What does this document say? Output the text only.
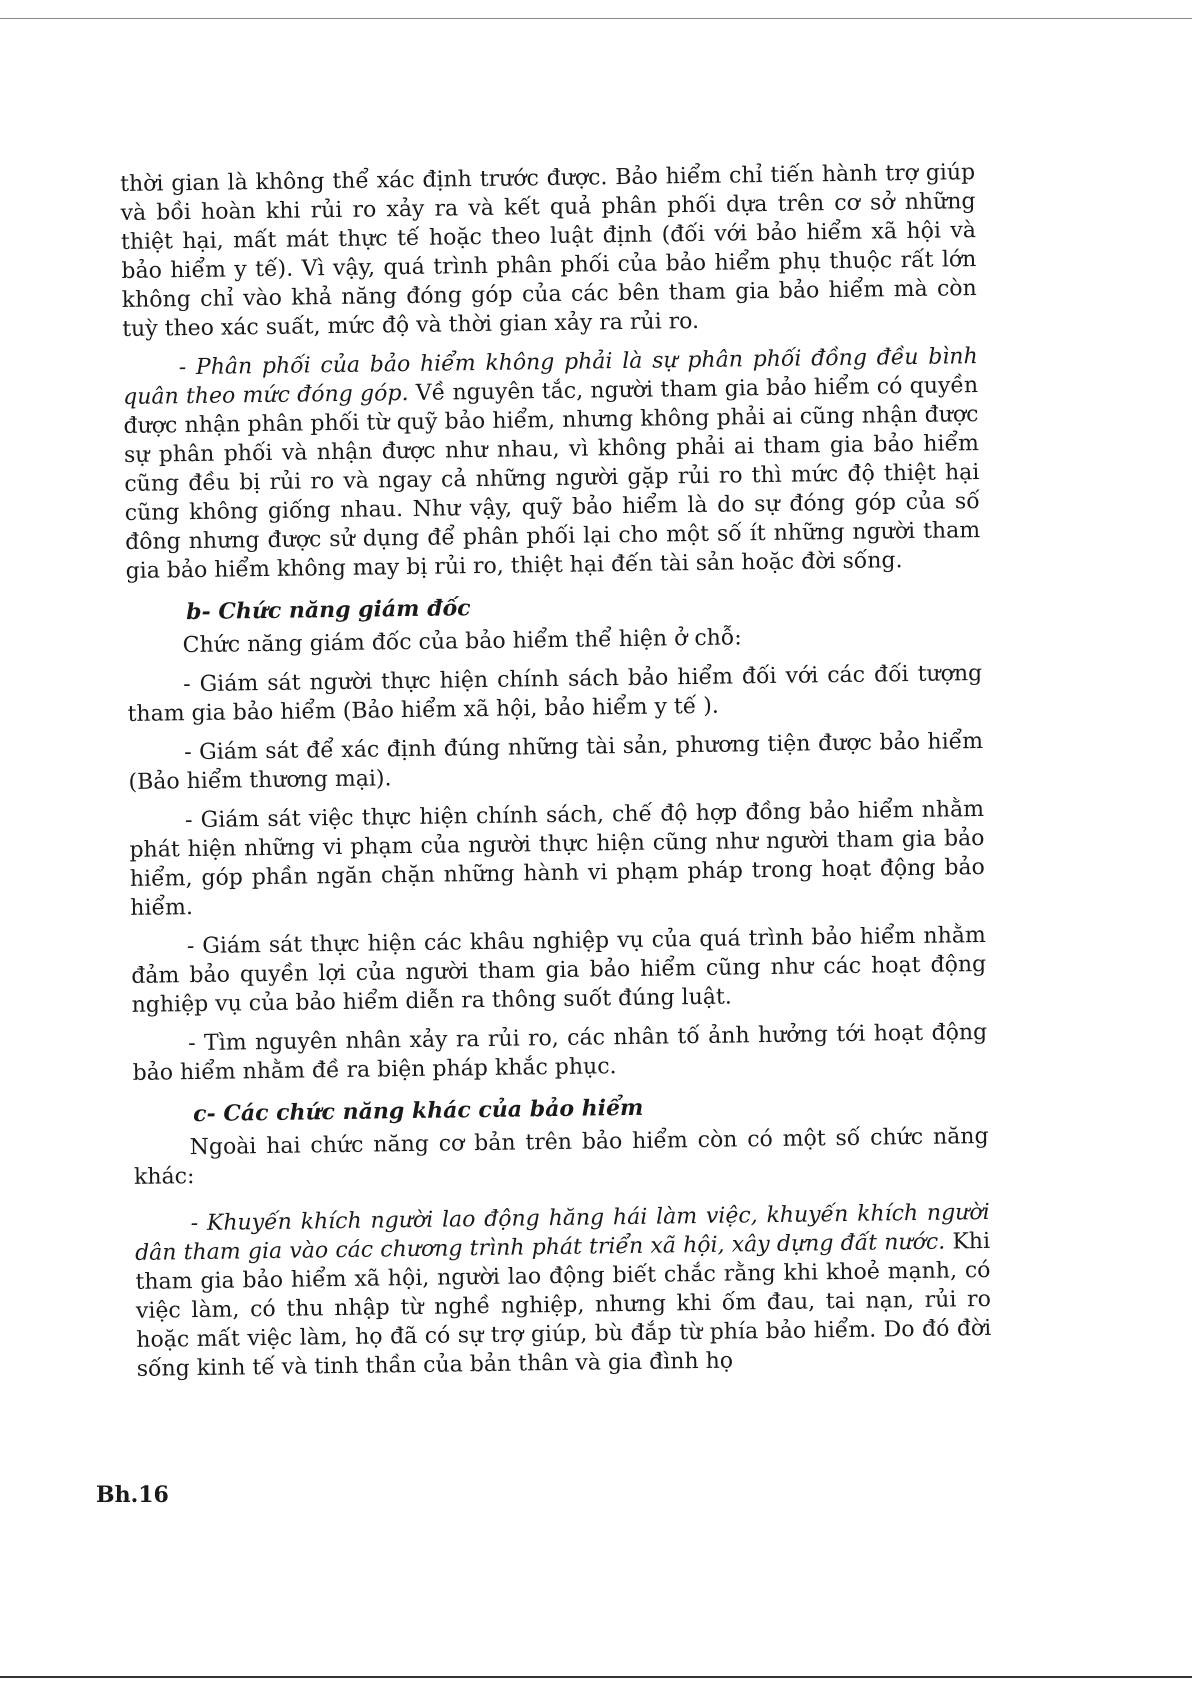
thời gian là không thể xác định trước được. Bảo hiểm chỉ tiến hành trợ giúp và bồi hoàn khi rủi ro xảy ra và kết quả phân phối dựa trên cơ sở những thiệt hại, mất mát thực tế hoặc theo luật định (đối với bảo hiểm xã hội và bảo hiểm y tế). Vì vậy, quá trình phân phối của bảo hiểm phụ thuộc rất lớn không chỉ vào khả năng đóng góp của các bên tham gia bảo hiểm mà còn tuỳ theo xác suất, mức độ và thời gian xảy ra rủi ro.

- Phân phối của bảo hiểm không phải là sự phân phối đồng đều bình quân theo mức đóng góp. Về nguyên tắc, người tham gia bảo hiểm có quyền được nhận phân phối từ quỹ bảo hiểm, nhưng không phải ai cũng nhận được sự phân phối và nhận được như nhau, vì không phải ai tham gia bảo hiểm cũng đều bị rủi ro và ngay cả những người gặp rủi ro thì mức độ thiệt hại cũng không giống nhau. Như vậy, quỹ bảo hiểm là do sự đóng góp của số đông nhưng được sử dụng để phân phối lại cho một số ít những người tham gia bảo hiểm không may bị rủi ro, thiệt hại đến tài sản hoặc đời sống.

b- Chức năng giám đốc

Chức năng giám đốc của bảo hiểm thể hiện ở chỗ:

- Giám sát người thực hiện chính sách bảo hiểm đối với các đối tượng tham gia bảo hiểm (Bảo hiểm xã hội, bảo hiểm y tế ).

- Giám sát để xác định đúng những tài sản, phương tiện được bảo hiểm (Bảo hiểm thương mại).

- Giám sát việc thực hiện chính sách, chế độ hợp đồng bảo hiểm nhằm phát hiện những vi phạm của người thực hiện cũng như người tham gia bảo hiểm, góp phần ngăn chặn những hành vi phạm pháp trong hoạt động bảo hiểm.

- Giám sát thực hiện các khâu nghiệp vụ của quá trình bảo hiểm nhằm đảm bảo quyền lợi của người tham gia bảo hiểm cũng như các hoạt động nghiệp vụ của bảo hiểm diễn ra thông suốt đúng luật.

- Tìm nguyên nhân xảy ra rủi ro, các nhân tố ảnh hưởng tới hoạt động bảo hiểm nhằm đề ra biện pháp khắc phục.

c- Các chức năng khác của bảo hiểm

Ngoài hai chức năng cơ bản trên bảo hiểm còn có một số chức năng khác:

- Khuyến khích người lao động hăng hái làm việc, khuyến khích người dân tham gia vào các chương trình phát triển xã hội, xây dựng đất nước. Khi tham gia bảo hiểm xã hội, người lao động biết chắc rằng khi khoẻ mạnh, có việc làm, có thu nhập từ nghề nghiệp, nhưng khi ốm đau, tai nạn, rủi ro hoặc mất việc làm, họ đã có sự trợ giúp, bù đắp từ phía bảo hiểm. Do đó đời sống kinh tế và tinh thần của bản thân và gia đình họ

Bh.16
